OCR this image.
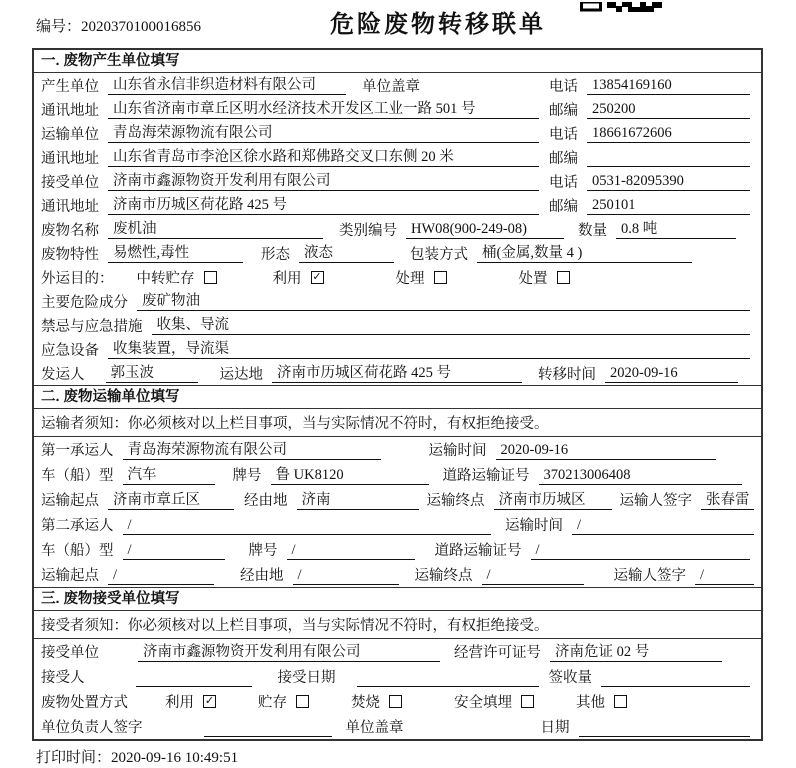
编号：2020370100016856	危险废物转移联单
一. 废物产生单位填写
产生单位 山东省永信非织造材料有限公司	单位盖章	电话 13854169160
通讯地址 山东省济南市章丘区明水经济技术开发区工业一路 501 号	邮编 250200
运输单位 青岛海荣源物流有限公司	电话 18661672606
通讯地址 山东省青岛市李沧区徐水路和郑佛路交叉口东侧 20 米	邮编
接受单位 济南市鑫源物资开发利用有限公司	电话 0531-82095390
通讯地址 济南市历城区荷花路 425 号	邮编 250101
废物名称 废机油	类别编号 HW08(900-249-08)	数量 0.8 吨
废物特性 易燃性,毒性	形态 液态	包装方式 桶(金属,数量 4 )
外运目的： 中转贮存	利用 ✓	处理	处置
主要危险成分 废矿物油
禁忌与应急措施 收集、导流
应急设备 收集装置，导流渠
发运人	郭玉波	运达地 济南市历城区荷花路 425 号	转移时间 2020-09-16
二. 废物运输单位填写
运输者须知：你必须核对以上栏目事项，当与实际情况不符时，有权拒绝接受。
第一承运人 青岛海荣源物流有限公司	运输时间 2020-09-16
车（船）型 汽车	牌号 鲁 UK8120	道路运输证号 370213006408
运输起点 济南市章丘区	经由地 济南	运输终点 济南市历城区	运输人签字 张春雷
第二承运人 /	运输时间 /
车（船）型 /	牌号 /	道路运输证号 /
运输起点 /	经由地 /	运输终点 /	运输人签字 /
三. 废物接受单位填写
接受者须知：你必须核对以上栏目事项，当与实际情况不符时，有权拒绝接受。
接受单位	济南市鑫源物资开发利用有限公司	经营许可证号 济南危证 02 号
接受人	接受日期	签收量
废物处置方式	利用 ✓	贮存	焚烧	安全填埋	其他
单位负责人签字	单位盖章	日期
打印时间：2020-09-16 10:49:51
